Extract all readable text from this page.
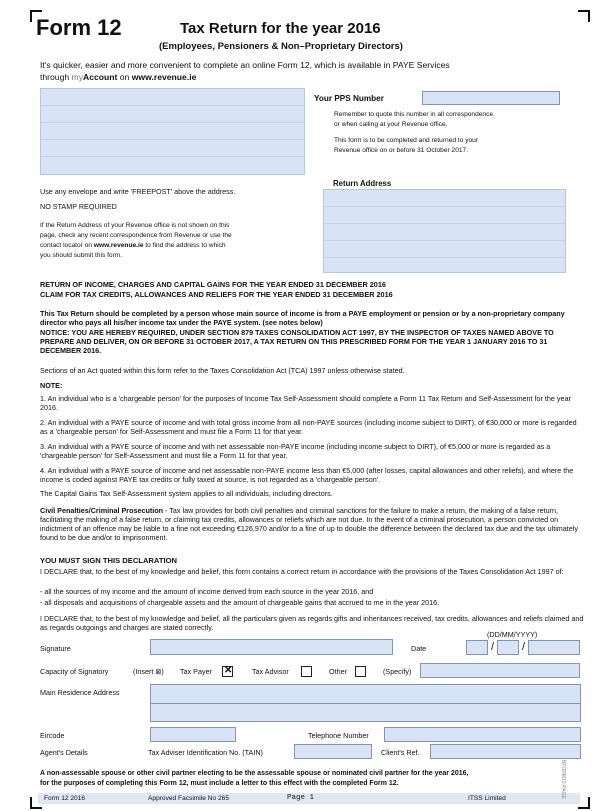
Form 12	Tax Return for the year 2016
(Employees, Pensioners & Non–Proprietary Directors)
It's quicker, easier and more convenient to complete an online Form 12, which is available in PAYE Services
through myAccount on www.revenue.ie
Your PPS Number
Remember to quote this number in all correspondence
or when calling at your Revenue office.
This form is to be completed and returned to your
Revenue office on or before 31 October 2017.
Use any envelope and write 'FREEPOST' above the address.
NO STAMP REQUIRED
If the Return Address of your Revenue office is not shown on this
page, check any recent correspondence from Revenue or use the
contact locator on www.revenue.ie to find the address to which
you should submit this form.
Return Address
RETURN OF INCOME, CHARGES AND CAPITAL GAINS FOR THE YEAR ENDED 31 DECEMBER 2016
CLAIM FOR TAX CREDITS, ALLOWANCES AND RELIEFS FOR THE YEAR ENDED 31 DECEMBER 2016
This Tax Return should be completed by a person whose main source of income is from a PAYE employment or pension or by a non-proprietary company director who pays all his/her income tax under the PAYE system. (see notes below)
NOTICE: YOU ARE HEREBY REQUIRED, UNDER SECTION 879 TAXES CONSOLIDATION ACT 1997, BY THE INSPECTOR OF TAXES NAMED ABOVE TO PREPARE AND DELIVER, ON OR BEFORE 31 OCTOBER 2017, A TAX RETURN ON THIS PRESCRIBED FORM FOR THE YEAR 1 JANUARY 2016 TO 31 DECEMBER 2016.
Sections of an Act quoted within this form refer to the Taxes Consolidation Act (TCA) 1997 unless otherwise stated.
NOTE:
1. An individual who is a 'chargeable person' for the purposes of Income Tax Self-Assessment should complete a Form 11 Tax Return and Self-Assessment for the year 2016.
2. An individual with a PAYE source of income and with total gross income from all non-PAYE sources (including income subject to DIRT), of €30,000 or more is regarded as a 'chargeable person' for Self-Assessment and must file a Form 11 for that year.
3. An individual with a PAYE source of income and with net assessable non-PAYE income (including income subject to DIRT), of €5,000 or more is regarded as a 'chargeable person' for Self-Assessment and must file a Form 11 for that year.
4. An individual with a PAYE source of income and net assessable non-PAYE income less than €5,000 (after losses, capital allowances and other reliefs), and where the income is coded against PAYE tax credits or fully taxed at source, is not regarded as a 'chargeable person'.
The Capital Gains Tax Self-Assessment system applies to all individuals, including directors.
Civil Penalties/Criminal Prosecution - Tax law provides for both civil penalties and criminal sanctions for the failure to make a return, the making of a false return, facilitating the making of a false return, or claiming tax credits, allowances or reliefs which are not due. In the event of a criminal prosecution, a person convicted on indictment of an offence may be liable to a fine not exceeding €126,970 and/or to a fine of up to double the difference between the declared tax due and the tax ultimately found to be due and/or to imprisonment.
YOU MUST SIGN THIS DECLARATION
I DECLARE that, to the best of my knowledge and belief, this form contains a correct return in accordance with the provisions of the Taxes Consolidation Act 1997 of:
- all the sources of my income and the amount of income derived from each source in the year 2016, and
- all disposals and acquisitions of chargeable assets and the amount of chargeable gains that accrued to me in the year 2016.
I DECLARE that, to the best of my knowledge and belief, all the particulars given as regards gifts and inheritances received, tax credits, allowances and reliefs claimed and as regards outgoings and charges are stated correctly.
(DD/MM/YYYY)
Signature	Date	/	/
Capacity of Signatory	(Insert ⊠) Tax Payer ✕	Tax Advisor	Other	(Specify)
Main Residence Address
Eircode	Telephone Number
Agent's Details	Tax Adviser Identification No. (TAIN)	Client's Ref.
A non-assessable spouse or other civil partner electing to be the assessable spouse or nominated civil partner for the year 2016,
for the purposes of completing this Form 12, must include a letter to this effect with the completed Form 12.
Form 12 2016	Approved Facsimile No 265	Page 1	ITSS Limited	BFORM12-PAGE
